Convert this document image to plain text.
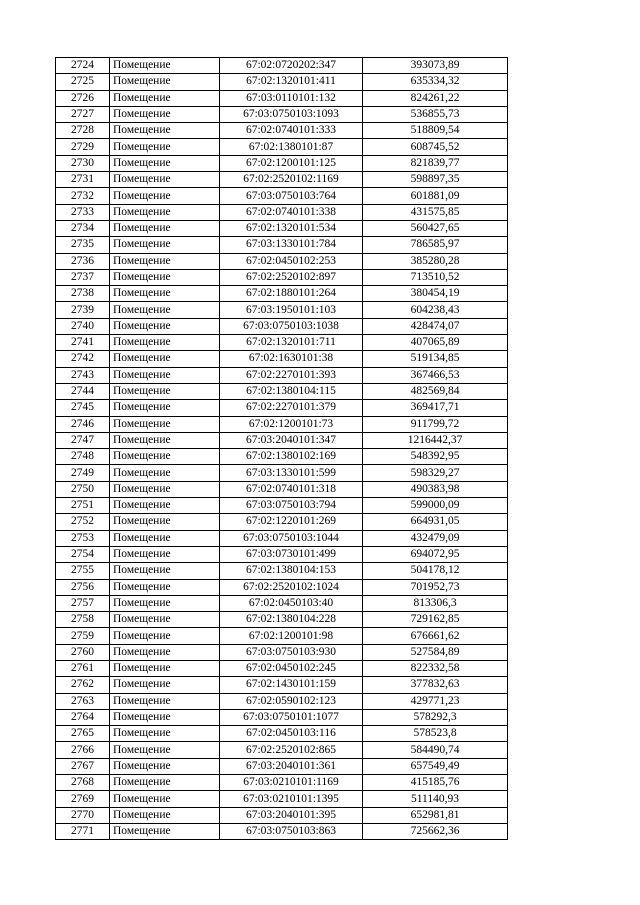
2724	Помещение	67:02:0720202:347	393073,89
2725	Помещение	67:02:1320101:411	635334,32
2726	Помещение	67:03:0110101:132	824261,22
2727	Помещение	67:03:0750103:1093	536855,73
2728	Помещение	67:02:0740101:333	518809,54
2729	Помещение	67:02:1380101:87	608745,52
2730	Помещение	67:02:1200101:125	821839,77
2731	Помещение	67:02:2520102:1169	598897,35
2732	Помещение	67:03:0750103:764	601881,09
2733	Помещение	67:02:0740101:338	431575,85
2734	Помещение	67:02:1320101:534	560427,65
2735	Помещение	67:03:1330101:784	786585,97
2736	Помещение	67:02:0450102:253	385280,28
2737	Помещение	67:02:2520102:897	713510,52
2738	Помещение	67:02:1880101:264	380454,19
2739	Помещение	67:03:1950101:103	604238,43
2740	Помещение	67:03:0750103:1038	428474,07
2741	Помещение	67:02:1320101:711	407065,89
2742	Помещение	67:02:1630101:38	519134,85
2743	Помещение	67:02:2270101:393	367466,53
2744	Помещение	67:02:1380104:115	482569,84
2745	Помещение	67:02:2270101:379	369417,71
2746	Помещение	67:02:1200101:73	911799,72
2747	Помещение	67:03:2040101:347	1216442,37
2748	Помещение	67:02:1380102:169	548392,95
2749	Помещение	67:03:1330101:599	598329,27
2750	Помещение	67:02:0740101:318	490383,98
2751	Помещение	67:03:0750103:794	599000,09
2752	Помещение	67:02:1220101:269	664931,05
2753	Помещение	67:03:0750103:1044	432479,09
2754	Помещение	67:03:0730101:499	694072,95
2755	Помещение	67:02:1380104:153	504178,12
2756	Помещение	67:02:2520102:1024	701952,73
2757	Помещение	67:02:0450103:40	813306,3
2758	Помещение	67:02:1380104:228	729162,85
2759	Помещение	67:02:1200101:98	676661,62
2760	Помещение	67:03:0750103:930	527584,89
2761	Помещение	67:02:0450102:245	822332,58
2762	Помещение	67:02:1430101:159	377832,63
2763	Помещение	67:02:0590102:123	429771,23
2764	Помещение	67:03:0750101:1077	578292,3
2765	Помещение	67:02:0450103:116	578523,8
2766	Помещение	67:02:2520102:865	584490,74
2767	Помещение	67:03:2040101:361	657549,49
2768	Помещение	67:03:0210101:1169	415185,76
2769	Помещение	67:03:0210101:1395	511140,93
2770	Помещение	67:03:2040101:395	652981,81
2771	Помещение	67:03:0750103:863	725662,36
